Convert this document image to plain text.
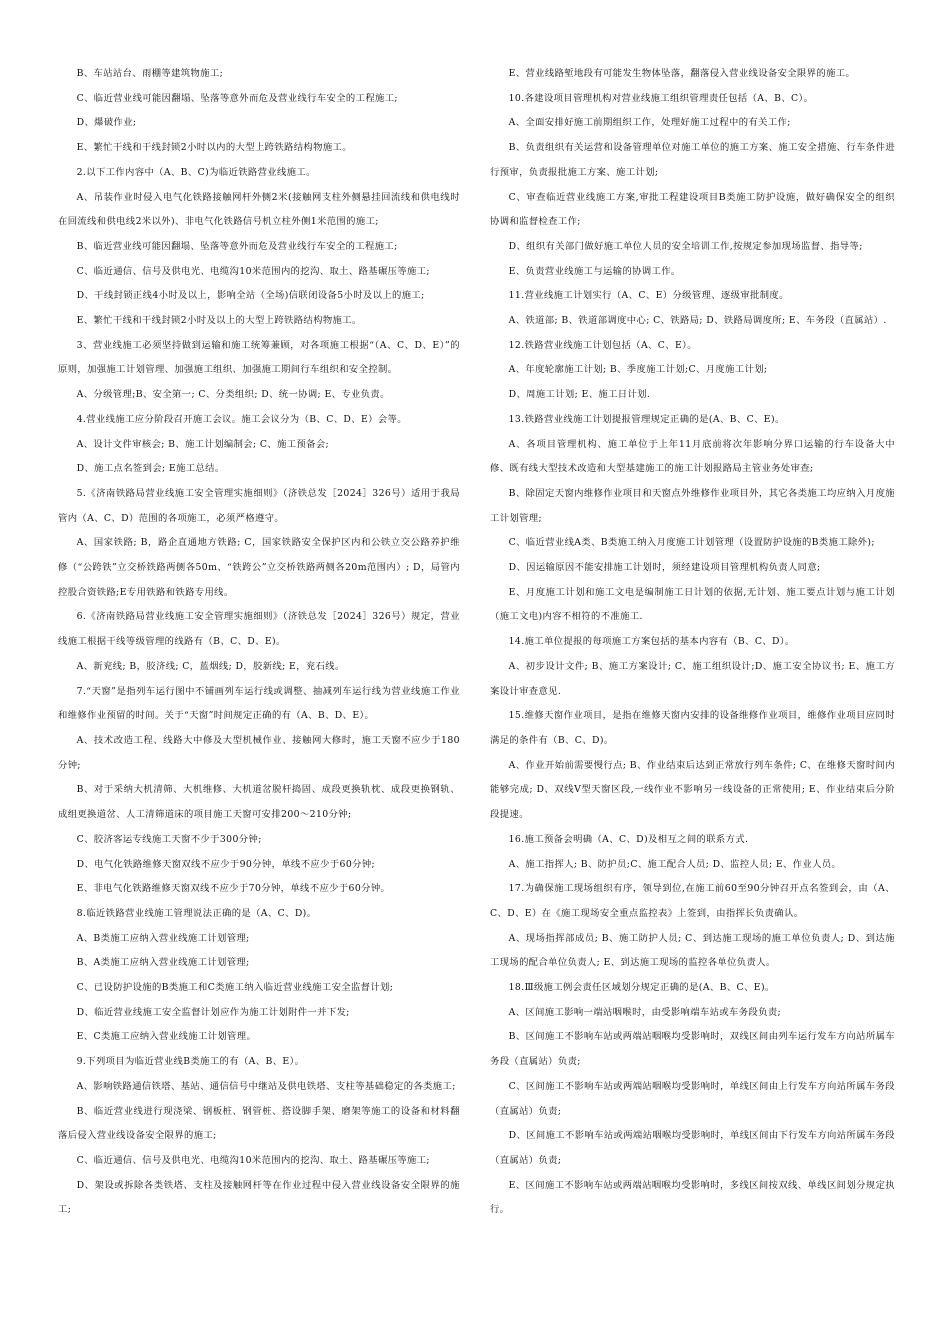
B、车站站台、雨棚等建筑物施工;

C、临近营业线可能因翻塌、坠落等意外而危及营业线行车安全的工程施工;

D、爆破作业;

E、繁忙干线和干线封锁2小时以内的大型上跨铁路结构物施工。

2.以下工作内容中（A、B、C)为临近铁路营业线施工。

A、吊装作业时侵入电气化铁路接触网杆外侧2米(接触网支柱外侧悬挂回流线和供电线时在回流线和供电线2米以外)、非电气化铁路信号机立柱外侧1米范围的施工;

B、临近营业线可能因翻塌、坠落等意外而危及营业线行车安全的工程施工;

C、临近通信、信号及供电光、电缆沟10米范围内的挖沟、取土、路基碾压等施工;

D、干线封锁正线4小时及以上，影响全站（全场)信联闭设备5小时及以上的施工;

E、繁忙干线和干线封锁2小时及以上的大型上跨铁路结构物施工。

3、营业线施工必须坚持做到运输和施工统筹兼顾，对各项施工根据“（A、C、D、E）”的原则，加强施工计划管理、加强施工组织、加强施工期间行车组织和安全控制。

A、分级管理;B、安全第一; C、分类组织; D、统一协调; E、专业负责。

4.营业线施工应分阶段召开施工会议。施工会议分为（B、C、D、E）会等。

A、设计文件审核会; B、施工计划编制会; C、施工预备会;

D、施工点名签到会; E施工总结。

5.《济南铁路局营业线施工安全管理实施细则》（济铁总发［2024］326号）适用于我局管内（A、C、D）范围的各项施工，必须严格遵守。

A、国家铁路; B，路企直通地方铁路; C，国家铁路安全保护区内和公铁立交公路养护维修（“公跨铁”立交桥铁路两侧各50m、“铁跨公”立交桥铁路两侧各20m范围内）; D，局管内控股合资铁路;E专用铁路和铁路专用线。

6.《济南铁路局营业线施工安全管理实施细则》（济铁总发［2024］326号）规定，营业线施工根据干线等级管理的线路有（B、C、D、E)。

A、新兖线; B，胶济线; C，蓝烟线; D，胶新线; E，兖石线。

7.“天窗”是指列车运行图中不铺画列车运行线或调整、抽减列车运行线为营业线施工作业和维修作业预留的时间。关于“天窗”时间规定正确的有（A、B、D、E）。

A、技术改造工程、线路大中修及大型机械作业、接触网大修时，施工天窗不应少于180分钟;

B、对于采纳大机清筛、大机维修、大机道岔脱杆捣固、成段更换轨枕、成段更换钢轨、成组更换道岔、人工清筛道床的项目施工天窗可安排200～210分钟;

C、胶济客运专线施工天窗不少于300分钟;

D、电气化铁路维修天窗双线不应少于90分钟，单线不应少于60分钟;

E、非电气化铁路维修天窗双线不应少于70分钟，单线不应少于60分钟。

8.临近铁路营业线施工管理说法正确的是（A、C、D)。

A、B类施工应纳入营业线施工计划管理;

B、A类施工应纳入营业线施工计划管理;

C、已设防护设施的B类施工和C类施工纳入临近营业线施工安全监督计划;

D、临近营业线施工安全监督计划应作为施工计划附件一并下发;

E、C类施工应纳入营业线施工计划管理。

9.下列项目为临近营业线B类施工的有（A、B、E）。

A、影响铁路通信铁塔、基站、通信信号中继站及供电铁塔、支柱等基础稳定的各类施工;

B、临近营业线进行现浇梁、钢板桩、钢管桩、搭设脚手架、磨架等施工的设备和材料翻落后侵入营业线设备安全限界的施工;

C、临近通信、信号及供电光、电缆沟10米范围内的挖沟、取土、路基碾压等施工;

D、架设或拆除各类铁塔、支柱及接触网杆等在作业过程中侵入营业线设备安全限界的施工;

E、营业线路堑地段有可能发生物体坠落，翻落侵入营业线设备安全限界的施工。

10.各建设项目管理机构对营业线施工组织管理责任包括（A、B、C）。

A、全面安排好施工前期组织工作，处理好施工过程中的有关工作;

B、负责组织有关运营和设备管理单位对施工单位的施工方案、施工安全措施、行车条件进行预审，负责报批施工方案、施工计划;

C、审查临近营业线施工方案,审批工程建设项目B类施工防护设施，做好确保安全的组织协调和监督检查工作;

D、组织有关部门做好施工单位人员的安全培训工作,按规定参加现场监督、指导等;

E、负责营业线施工与运输的协调工作。

11.营业线施工计划实行（A、C、E）分级管理、逐级审批制度。

A、铁道部; B、铁道部调度中心; C、铁路局; D、铁路局调度所; E、车务段（直属站）.

12.铁路营业线施工计划包括（A、C、E）。

A、年度轮廓施工计划; B、季度施工计划;C、月度施工计划;

D、周施工计划; E、施工日计划.

13.铁路营业线施工计划提报管理规定正确的是(A、B、C、E)。

A、各项目管理机构、施工单位于上年11月底前将次年影响分界口运输的行车设备大中修、既有线大型技术改造和大型基建施工的施工计划报路局主管业务处审查;

B、除固定天窗内维修作业项目和天窗点外维修作业项目外，其它各类施工均应纳入月度施工计划管理;

C、临近营业线A类、B类施工纳入月度施工计划管理（设置防护设施的B类施工除外);

D、因运输原因不能安排施工计划时，须经建设项目管理机构负责人同意;

E、月度施工计划和施工文电是编制施工日计划的依据,无计划、施工要点计划与施工计划（施工文电)内容不相符的不准施工.

14.施工单位提报的每项施工方案包括的基本内容有（B、C、D）。

A、初步设计文件; B、施工方案设计; C、施工组织设计;D、施工安全协议书; E、施工方案设计审查意见.

15.维修天窗作业项目，是指在维修天窗内安排的设备维修作业项目，维修作业项目应同时满足的条件有（B、C、D)。

A、作业开始前需要慢行点; B、作业结束后达到正常放行列车条件; C、在维修天窗时间内能够完成; D、双线V型天窗区段,一线作业不影响另一线设备的正常使用; E、作业结束后分阶段提速。

16.施工预备会明确（A、C、D)及相互之间的联系方式.

A、施工指挥人; B、防护员;C、施工配合人员; D、监控人员; E、作业人员。

17.为确保施工现场组织有序，领导到位,在施工前60至90分钟召开点名签到会，由（A、C、D、E）在《施工现场安全重点监控表》上签到，由指挥长负责确认。

A、现场指挥部成员; B、施工防护人员; C、到达施工现场的施工单位负责人; D、到达施工现场的配合单位负责人; E、到达施工现场的监控各单位负责人。

18.Ⅲ级施工例会责任区域划分规定正确的是(A、B、C、E)。

A、区间施工影响一端站咽喉时，由受影响端车站或车务段负责;

B、区间施工不影响车站或两端站咽喉均受影响时，双线区间由列车运行发车方向站所属车务段（直属站）负责;

C、区间施工不影响车站或两端站咽喉均受影响时，单线区间由上行发车方向站所属车务段（直属站）负责;

D、区间施工不影响车站或两端站咽喉均受影响时，单线区间由下行发车方向站所属车务段（直属站）负责;

E、区间施工不影响车站或两端站咽喉均受影响时，多线区间按双线、单线区间划分规定执行。
